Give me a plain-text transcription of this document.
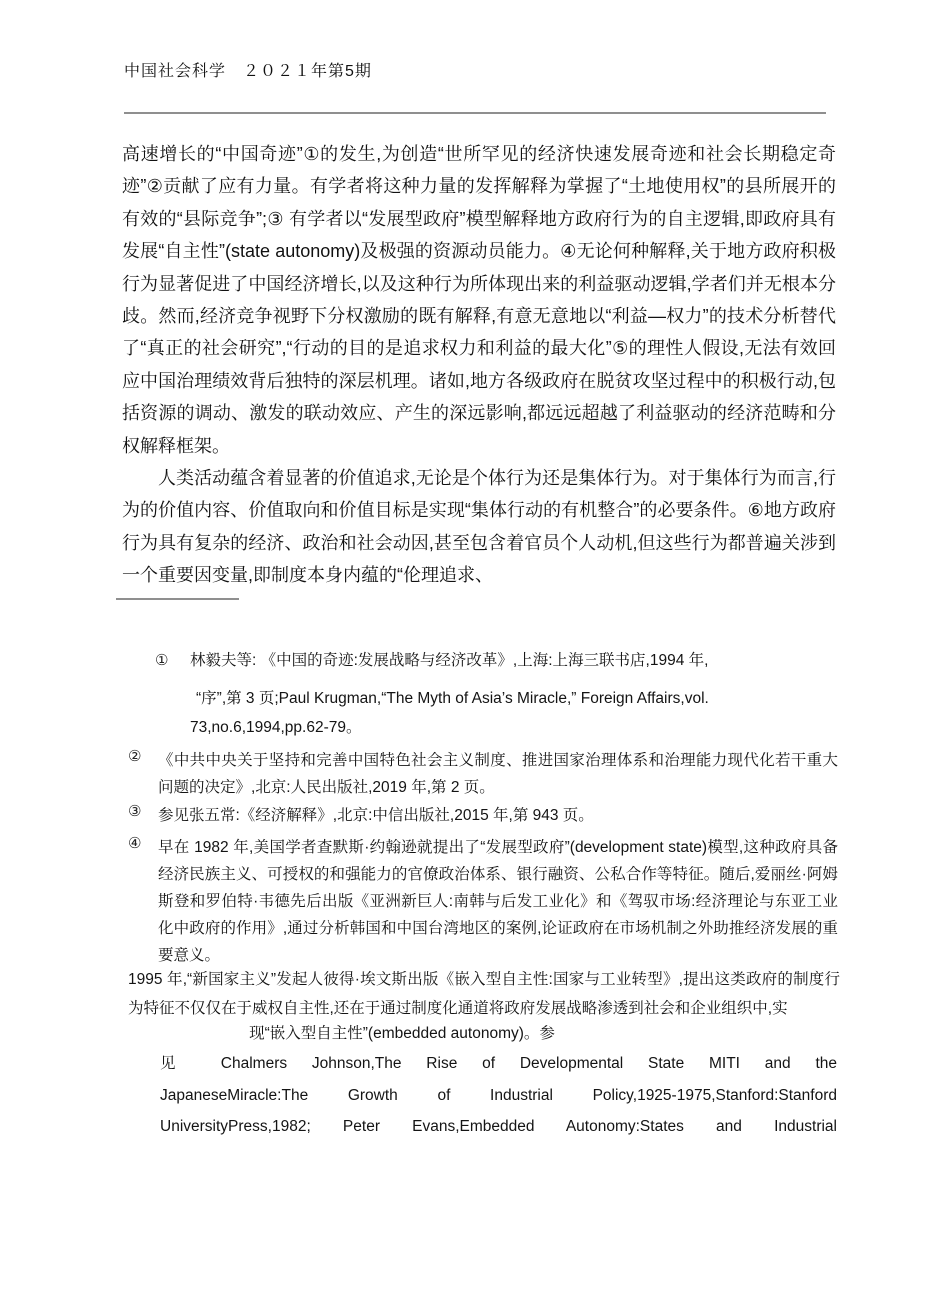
中国社会科学　２０２１年第5期

高速增长的“中国奇迹”①的发生,为创造“世所罕见的经济快速发展奇迹和社会长期稳定奇迹”②贡献了应有力量。有学者将这种力量的发挥解释为掌握了“土地使用权”的县所展开的有效的“县际竞争”;③ 有学者以“发展型政府”模型解释地方政府行为的自主逻辑,即政府具有发展“自主性”(state autonomy)及极强的资源动员能力。④无论何种解释,关于地方政府积极行为显著促进了中国经济增长,以及这种行为所体现出来的利益驱动逻辑,学者们并无根本分歧。然而,经济竞争视野下分权激励的既有解释,有意无意地以“利益—权力”的技术分析替代了“真正的社会研究”,“行动的目的是追求权力和利益的最大化”⑤的理性人假设,无法有效回应中国治理绩效背后独特的深层机理。诸如,地方各级政府在脱贫攻坚过程中的积极行动,包括资源的调动、激发的联动效应、产生的深远影响,都远远超越了利益驱动的经济范畴和分权解释框架。

人类活动蕴含着显著的价值追求,无论是个体行为还是集体行为。对于集体行为而言,行为的价值内容、价值取向和价值目标是实现“集体行动的有机整合”的必要条件。⑥地方政府行为具有复杂的经济、政治和社会动因,甚至包含着官员个人动机,但这些行为都普遍关涉到一个重要因变量,即制度本身内蕴的“伦理追求、

① 林毅夫等: 《中国的奇迹:发展战略与经济改革》,上海:上海三联书店,1994 年,
“序”,第 3 页;Paul Krugman,“The Myth of Asia’s Miracle,” Foreign Affairs,vol.
73,no.6,1994,pp.62-79。
② 《中共中央关于坚持和完善中国特色社会主义制度、推进国家治理体系和治理能力现代化若干重大问题的决定》,北京:人民出版社,2019 年,第 2 页。
③ 参见张五常:《经济解释》,北京:中信出版社,2015 年,第 943 页。
④ 早在 1982 年,美国学者查默斯·约翰逊就提出了“发展型政府”(development state)模型,这种政府具备经济民族主义、可授权的和强能力的官僚政治体系、银行融资、公私合作等特征。随后,爱丽丝·阿姆斯登和罗伯特·韦德先后出版《亚洲新巨人:南韩与后发工业化》和《驾驭市场:经济理论与东亚工业化中政府的作用》,通过分析韩国和中国台湾地区的案例,论证政府在市场机制之外助推经济发展的重要意义。
1995 年,“新国家主义”发起人彼得·埃文斯出版《嵌入型自主性:国家与工业转型》,提出这类政府的制度行为特征不仅仅在于威权自主性,还在于通过制度化通道将政府发展战略渗透到社会和企业组织中,实
现“嵌入型自主性”(embedded autonomy)。参
见 Chalmers Johnson,The Rise of Developmental State MITI and the
JapaneseMiracle:The Growth of Industrial Policy,1925-1975,Stanford:Stanford
UniversityPress,1982; Peter Evans,Embedded Autonomy:States and Industrial
